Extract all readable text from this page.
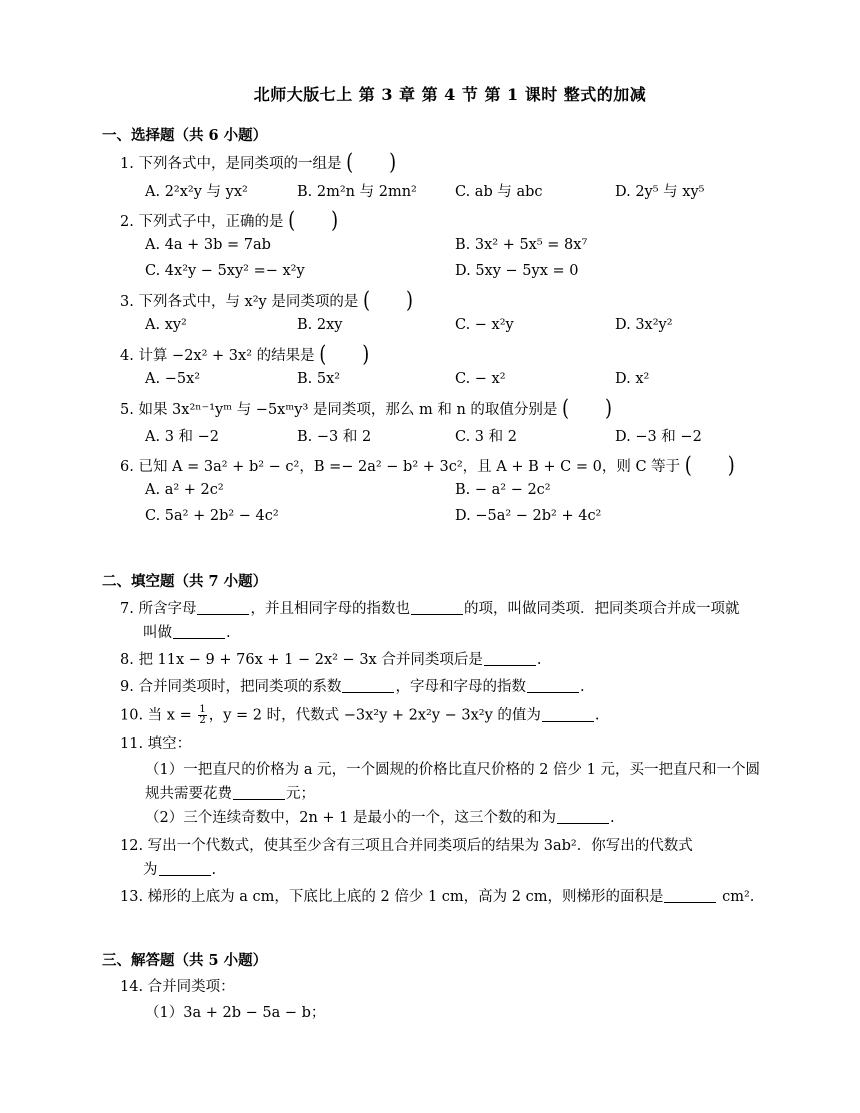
北师大版七上 第 3 章 第 4 节 第 1 课时 整式的加减
一、选择题（共 6 小题）
1. 下列各式中，是同类项的一组是 (　　)
A. 2²x²y 与 yx²	B. 2m²n 与 2mn²	C. ab 与 abc	D. 2y⁵ 与 xy⁵
2. 下列式子中，正确的是 (　　)
A. 4a + 3b = 7ab	B. 3x² + 5x⁵ = 8x⁷
C. 4x²y − 5xy² =− x²y	D. 5xy − 5yx = 0
3. 下列各式中，与 x²y 是同类项的是 (　　)
A. xy²	B. 2xy	C. − x²y	D. 3x²y²
4. 计算 −2x² + 3x² 的结果是 (　　)
A. −5x²	B. 5x²	C. − x²	D. x²
5. 如果 3x²ⁿ⁻¹yᵐ 与 −5xᵐy³ 是同类项，那么 m 和 n 的取值分别是 (　　)
A. 3 和 −2	B. −3 和 2	C. 3 和 2	D. −3 和 −2
6. 已知 A = 3a² + b² − c²，B =− 2a² − b² + 3c²，且 A + B + C = 0，则 C 等于 (　　)
A. a² + 2c²	B. − a² − 2c²
C. 5a² + 2b² − 4c²	D. −5a² − 2b² + 4c²
二、填空题（共 7 小题）
7. 所含字母	，并且相同字母的指数也	的项，叫做同类项．把同类项合并成一项就
叫做	.
8. 把 11x − 9 + 76x + 1 − 2x² − 3x 合并同类项后是	.
9. 合并同类项时，把同类项的系数	，字母和字母的指数	.
10. 当 $x = \frac{1}{2}$ ，y = 2 时，代数式 −3x²y + 2x²y − 3x²y 的值为	.
11. 填空：
（1）一把直尺的价格为 a 元，一个圆规的价格比直尺价格的 2 倍少 1 元，买一把直尺和一个圆
规共需要花费	元；
（2）三个连续奇数中，2n + 1 是最小的一个，这三个数的和为	.
12. 写出一个代数式，使其至少含有三项且合并同类项后的结果为 3ab²．你写出的代数式
为	.
13. 梯形的上底为 a cm，下底比上底的 2 倍少 1 cm，高为 2 cm，则梯形的面积是	cm².
三、解答题（共 5 小题）
14. 合并同类项：
（1）3a + 2b − 5a − b；
